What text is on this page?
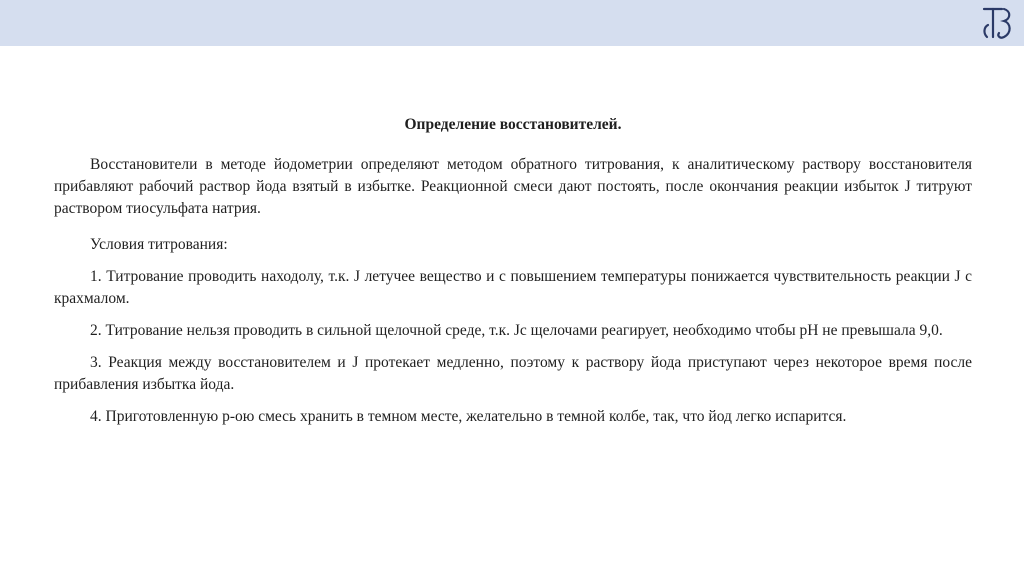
Определение восстановителей.

Восстановители в методе йодометрии определяют методом обратного титрования, к аналитическому раствору восстановителя прибавляют рабочий раствор йода взятый в избытке. Реакционной смеси дают постоять, после окончания реакции избыток J титруют раствором тиосульфата натрия.

Условия титрования:

1. Титрование проводить нaходолу, т.к. J летучее вещество и с повышением температуры понижается чувствительность реакции J с крахмалом.

2. Титрование нельзя проводить в сильной щелочной среде, т.к. Jс щелочами реагирует, необходимо чтобы pH не превышала 9,0.

3. Реакция между восстановителем и J протекает медленно, поэтому к раствору йода приступают через некоторое время после прибавления избытка йода.

4. Приготовленную р-ою смесь хранить в темном месте, желательно в темной колбе, так, что йод легко испарится.
